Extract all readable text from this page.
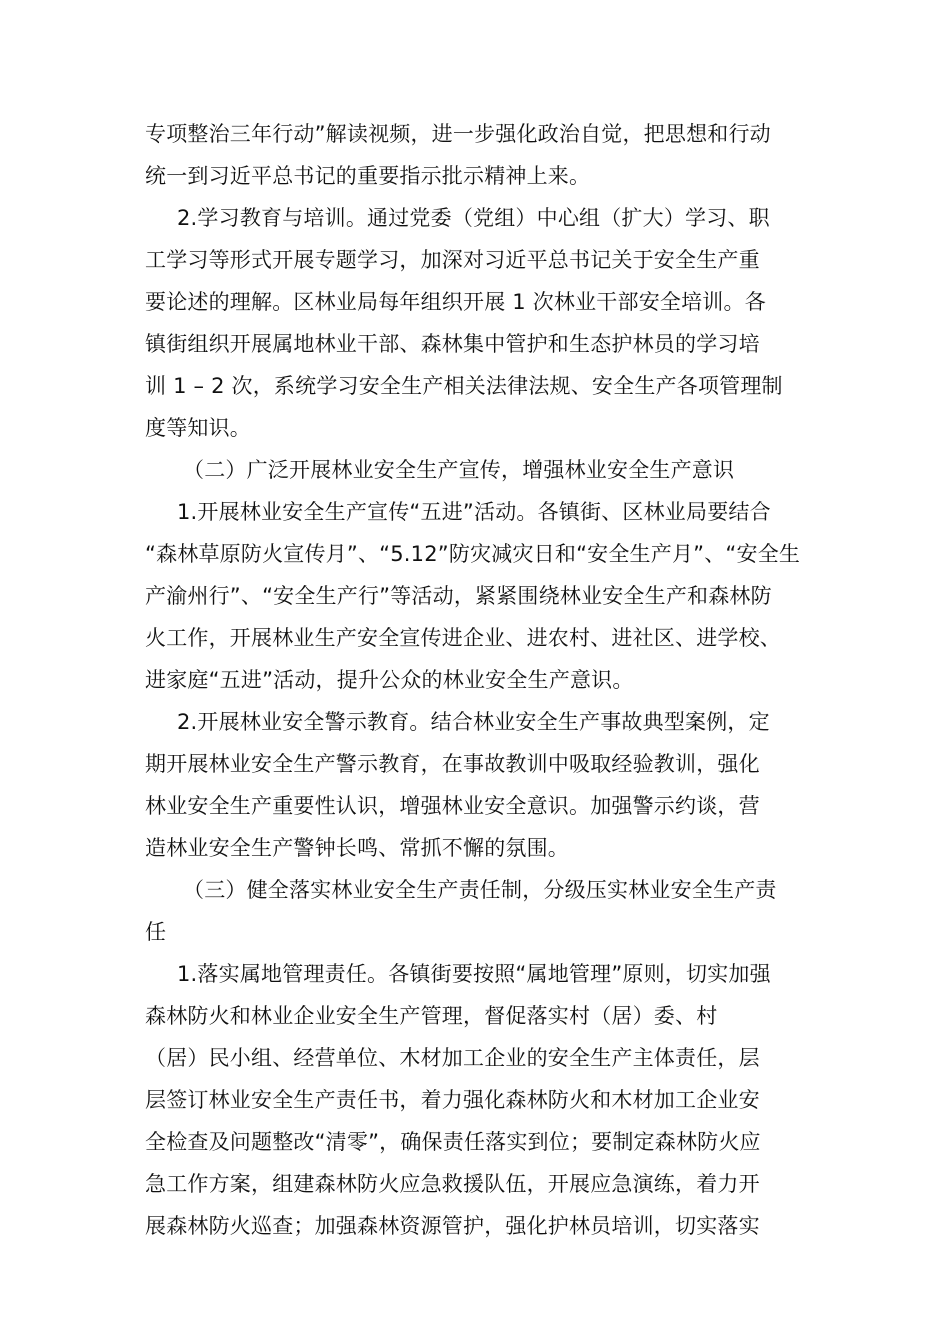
专项整治三年行动”解读视频，进一步强化政治自觉，把思想和行动
统一到习近平总书记的重要指示批示精神上来。
2.学习教育与培训。通过党委（党组）中心组（扩大）学习、职
工学习等形式开展专题学习，加深对习近平总书记关于安全生产重
要论述的理解。区林业局每年组织开展 1 次林业干部安全培训。各
镇街组织开展属地林业干部、森林集中管护和生态护林员的学习培
训 1 – 2 次，系统学习安全生产相关法律法规、安全生产各项管理制
度等知识。
（二）广泛开展林业安全生产宣传，增强林业安全生产意识
1.开展林业安全生产宣传“五进”活动。各镇街、区林业局要结合
“森林草原防火宣传月”、“5.12”防灾减灾日和“安全生产月”、“安全生
产渝州行”、“安全生产行”等活动，紧紧围绕林业安全生产和森林防
火工作，开展林业生产安全宣传进企业、进农村、进社区、进学校、
进家庭“五进”活动，提升公众的林业安全生产意识。
2.开展林业安全警示教育。结合林业安全生产事故典型案例，定
期开展林业安全生产警示教育，在事故教训中吸取经验教训，强化
林业安全生产重要性认识，增强林业安全意识。加强警示约谈，营
造林业安全生产警钟长鸣、常抓不懈的氛围。
（三）健全落实林业安全生产责任制，分级压实林业安全生产责
任
1.落实属地管理责任。各镇街要按照“属地管理”原则，切实加强
森林防火和林业企业安全生产管理，督促落实村（居）委、村
（居）民小组、经营单位、木材加工企业的安全生产主体责任，层
层签订林业安全生产责任书，着力强化森林防火和木材加工企业安
全检查及问题整改“清零”，确保责任落实到位；要制定森林防火应
急工作方案，组建森林防火应急救援队伍，开展应急演练，着力开
展森林防火巡查；加强森林资源管护，强化护林员培训，切实落实
